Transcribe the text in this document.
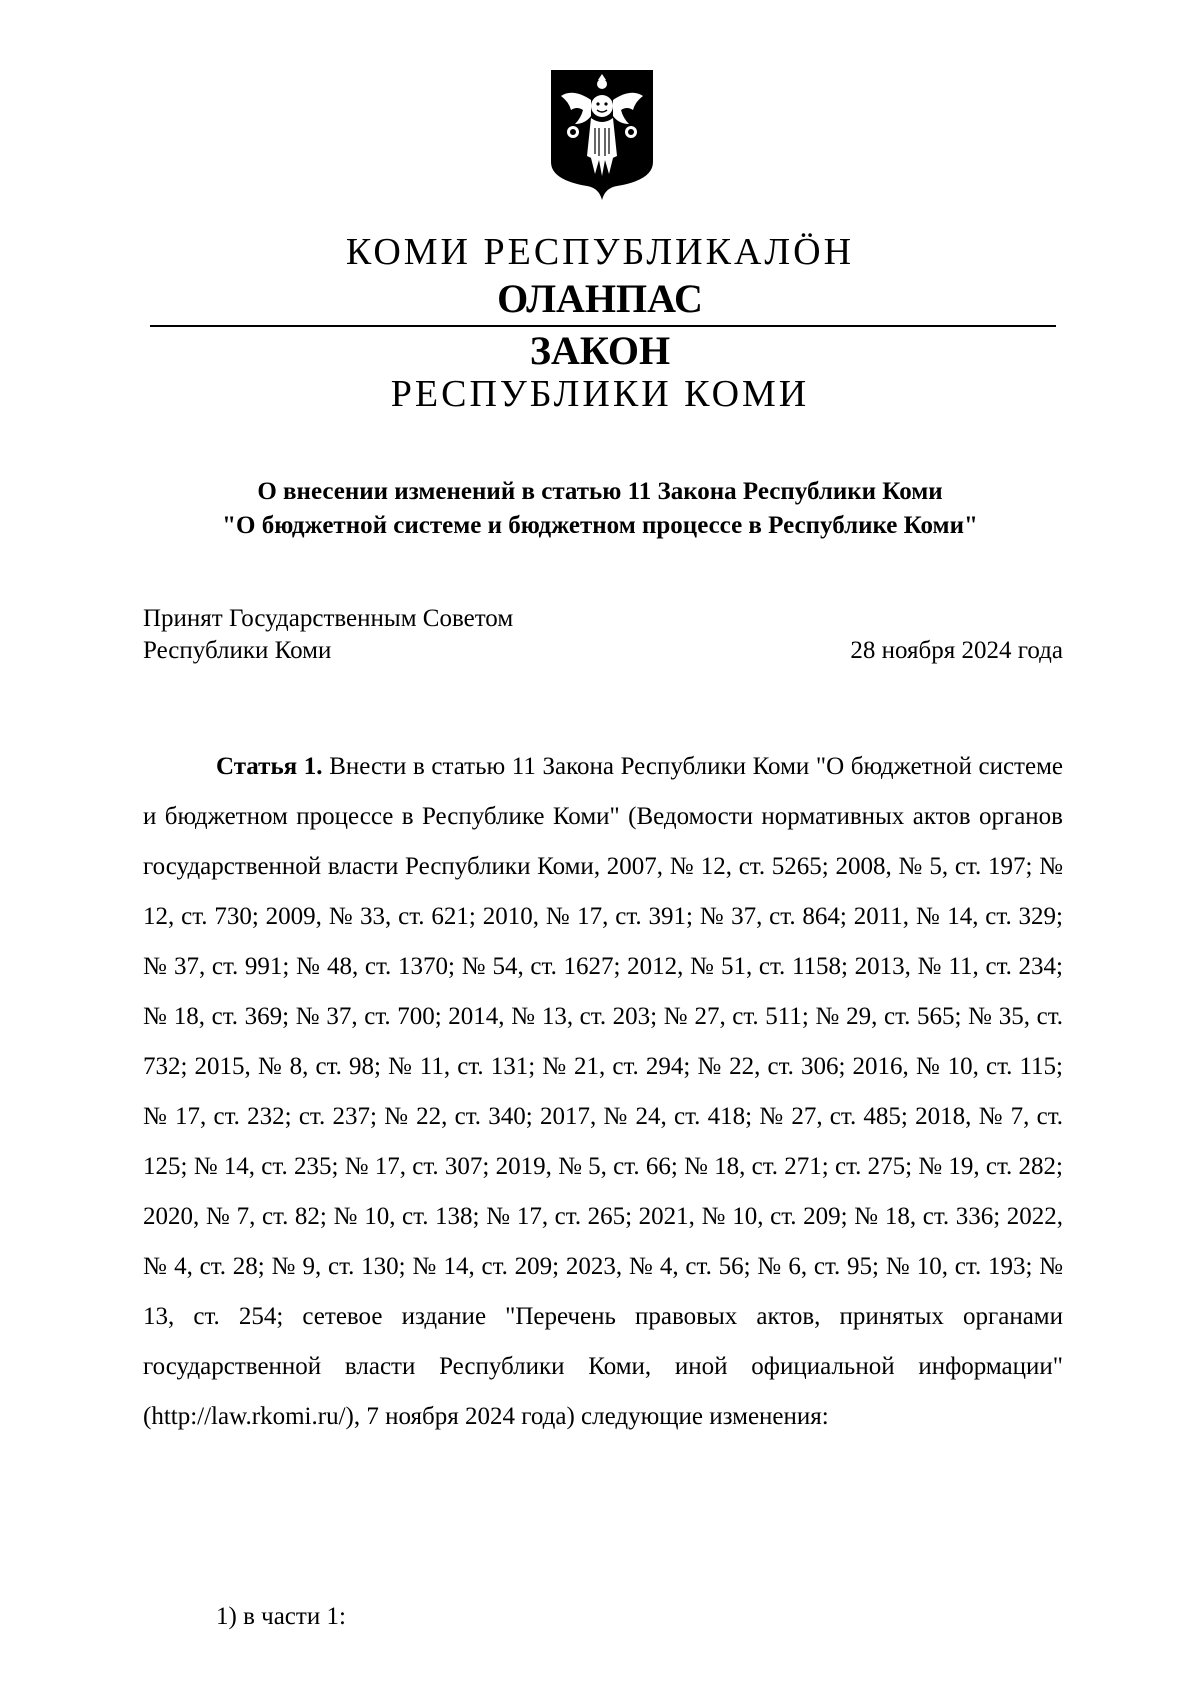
КОМИ РЕСПУБЛИКАЛÖН
ОЛАНПАС
ЗАКОН
РЕСПУБЛИКИ КОМИ
О внесении изменений в статью 11 Закона Республики Коми
"О бюджетной системе и бюджетном процессе в Республике Коми"
Принят Государственным Советом
Республики Коми	28 ноября 2024 года

Статья 1. Внести в статью 11 Закона Республики Коми "О бюджетной системе и бюджетном процессе в Республике Коми" (Ведомости нормативных актов органов государственной власти Республики Коми, 2007, № 12, ст. 5265; 2008, № 5, ст. 197; № 12, ст. 730; 2009, № 33, ст. 621; 2010, № 17, ст. 391; № 37, ст. 864; 2011, № 14, ст. 329; № 37, ст. 991; № 48, ст. 1370; № 54, ст. 1627; 2012, № 51, ст. 1158; 2013, № 11, ст. 234; № 18, ст. 369; № 37, ст. 700; 2014, № 13, ст. 203; № 27, ст. 511; № 29, ст. 565; № 35, ст. 732; 2015, № 8, ст. 98; № 11, ст. 131; № 21, ст. 294; № 22, ст. 306; 2016, № 10, ст. 115; № 17, ст. 232; ст. 237; № 22, ст. 340; 2017, № 24, ст. 418; № 27, ст. 485; 2018, № 7, ст. 125; № 14, ст. 235; № 17, ст. 307; 2019, № 5, ст. 66; № 18, ст. 271; ст. 275; № 19, ст. 282; 2020, № 7, ст. 82; № 10, ст. 138; № 17, ст. 265; 2021, № 10, ст. 209; № 18, ст. 336; 2022, № 4, ст. 28; № 9, ст. 130; № 14, ст. 209; 2023, № 4, ст. 56; № 6, ст. 95; № 10, ст. 193; № 13, ст. 254; сетевое издание "Перечень правовых актов, принятых органами государственной власти Республики Коми, иной официальной информации" (http://law.rkomi.ru/), 7 ноября 2024 года) следующие изменения:

1) в части 1:
